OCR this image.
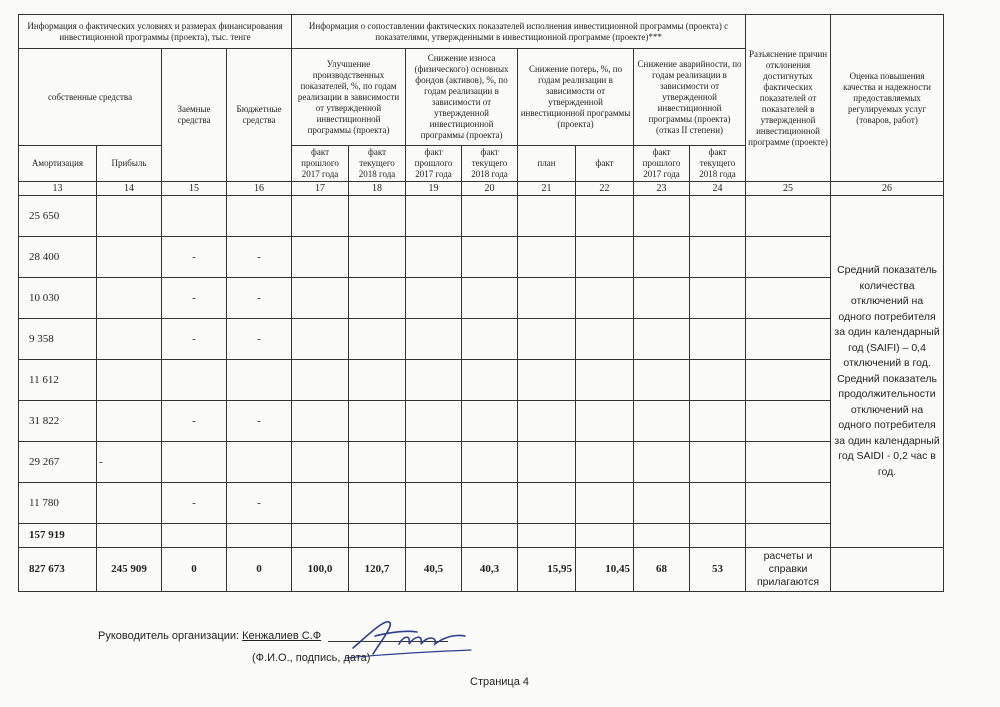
Информация о фактических условиях и размерах финансирования инвестиционной программы (проекта), тыс. тенге				Информация о сопоставлении фактических показателей исполнения инвестиционной программы (проекта) с показателями, утвержденными в инвестиционной программе (проекте)***								Разъяснение причин отклонения достигнутых фактических показателей от показателей в утвержденной инвестиционной программе (проекте)	Оценка повышения качества и надежности предоставляемых регулируемых услуг (товаров, работ)
собственные средства		Заемные средства	Бюджетные средства	Улучшение производственных показателей, %, по годам реализации в зависимости от утвержденной инвестиционной программы (проекта)		Снижение износа (физического) основных фондов (активов), %, по годам реализации в зависимости от утвержденной инвестиционной программы (проекта)		Снижение потерь, %, по годам реализации в зависимости от утвержденной инвестиционной программы (проекта)		Снижение аварийности, по годам реализации в зависимости от утвержденной инвестиционной программы (проекта) (отказ II степени)			
Амортизация	Прибыль			факт прошлого 2017 года	факт текущего 2018 года	факт прошлого 2017 года	факт текущего 2018 года	план	факт	факт прошлого 2017 года	факт текущего 2018 года		
13	14	15	16	17	18	19	20	21	22	23	24	25	26
25 650													Средний показатель количества отключений на одного потребителя за один календарный год (SAIFI) – 0,4 отключений в год. Средний показатель продолжительности отключений на одного потребителя за один календарный год SAIDI - 0,2 час в год.
28 400		-	-										
10 030		-	-										
9 358		-	-										
11 612													
31 822		-	-										
29 267	-												
11 780		-	-										
157 919													
827 673	245 909	0	0	100,0	120,7	40,5	40,3	15,95	10,45	68	53	расчеты и справки прилагаются	
Руководитель организации: Кенжалиев С.Ф
(Ф.И.О., подпись, дата)
Страница 4
